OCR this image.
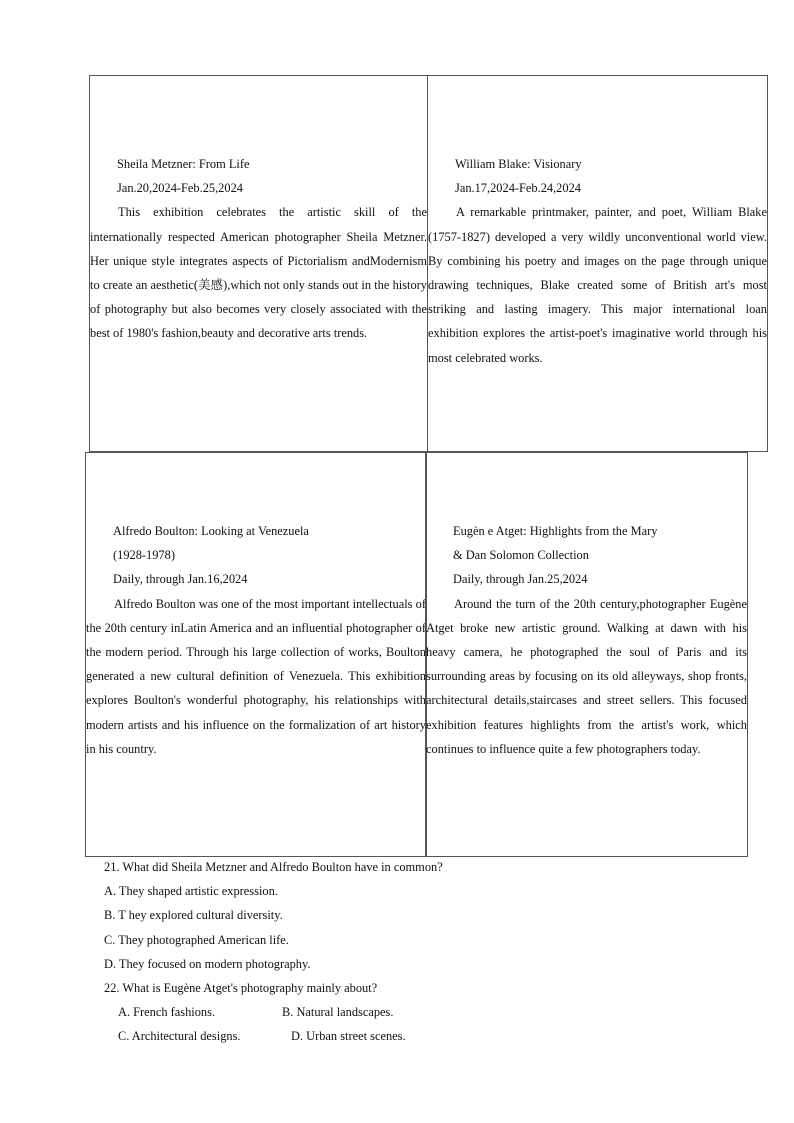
Sheila Metzner: From Life
Jan.20,2024-Feb.25,2024

This exhibition celebrates the artistic skill of the internationally respected American photographer Sheila Metzner. Her unique style integrates aspects of Pictorialism andModernism to create an aesthetic(美感),which not only stands out in the history of photography but also becomes very closely associated with the best of 1980's fashion,beauty and decorative arts trends.

William Blake: Visionary
Jan.17,2024-Feb.24,2024

A remarkable printmaker, painter, and poet, William Blake (1757-1827) developed a very wildly unconventional world view. By combining his poetry and images on the page through unique drawing techniques, Blake created some of British art's most striking and lasting imagery. This major international loan exhibition explores the artist-poet's imaginative world through his most celebrated works.

Alfredo Boulton: Looking at Venezuela
(1928-1978)
Daily, through Jan.16,2024

Alfredo Boulton was one of the most important intellectuals of the 20th century inLatin America and an influential photographer of the modern period. Through his large collection of works, Boulton generated a new cultural definition of Venezuela. This exhibition explores Boulton's wonderful photography, his relationships with modern artists and his influence on the formalization of art history in his country.

Eugèn e Atget: Highlights from the Mary
& Dan Solomon Collection
Daily, through Jan.25,2024

Around the turn of the 20th century,photographer Eugène Atget broke new artistic ground. Walking at dawn with his heavy camera, he photographed the soul of Paris and its surrounding areas by focusing on its old alleyways, shop fronts, architectural details,staircases and street sellers. This focused exhibition features highlights from the artist's work, which continues to influence quite a few photographers today.

21. What did Sheila Metzner and Alfredo Boulton have in common?
A. They shaped artistic expression.
B. T hey explored cultural diversity.
C. They photographed American life.
D. They focused on modern photography.
22. What is Eugène Atget's photography mainly about?
A. French fashions.	B. Natural landscapes.
C. Architectural designs.	D. Urban street scenes.
